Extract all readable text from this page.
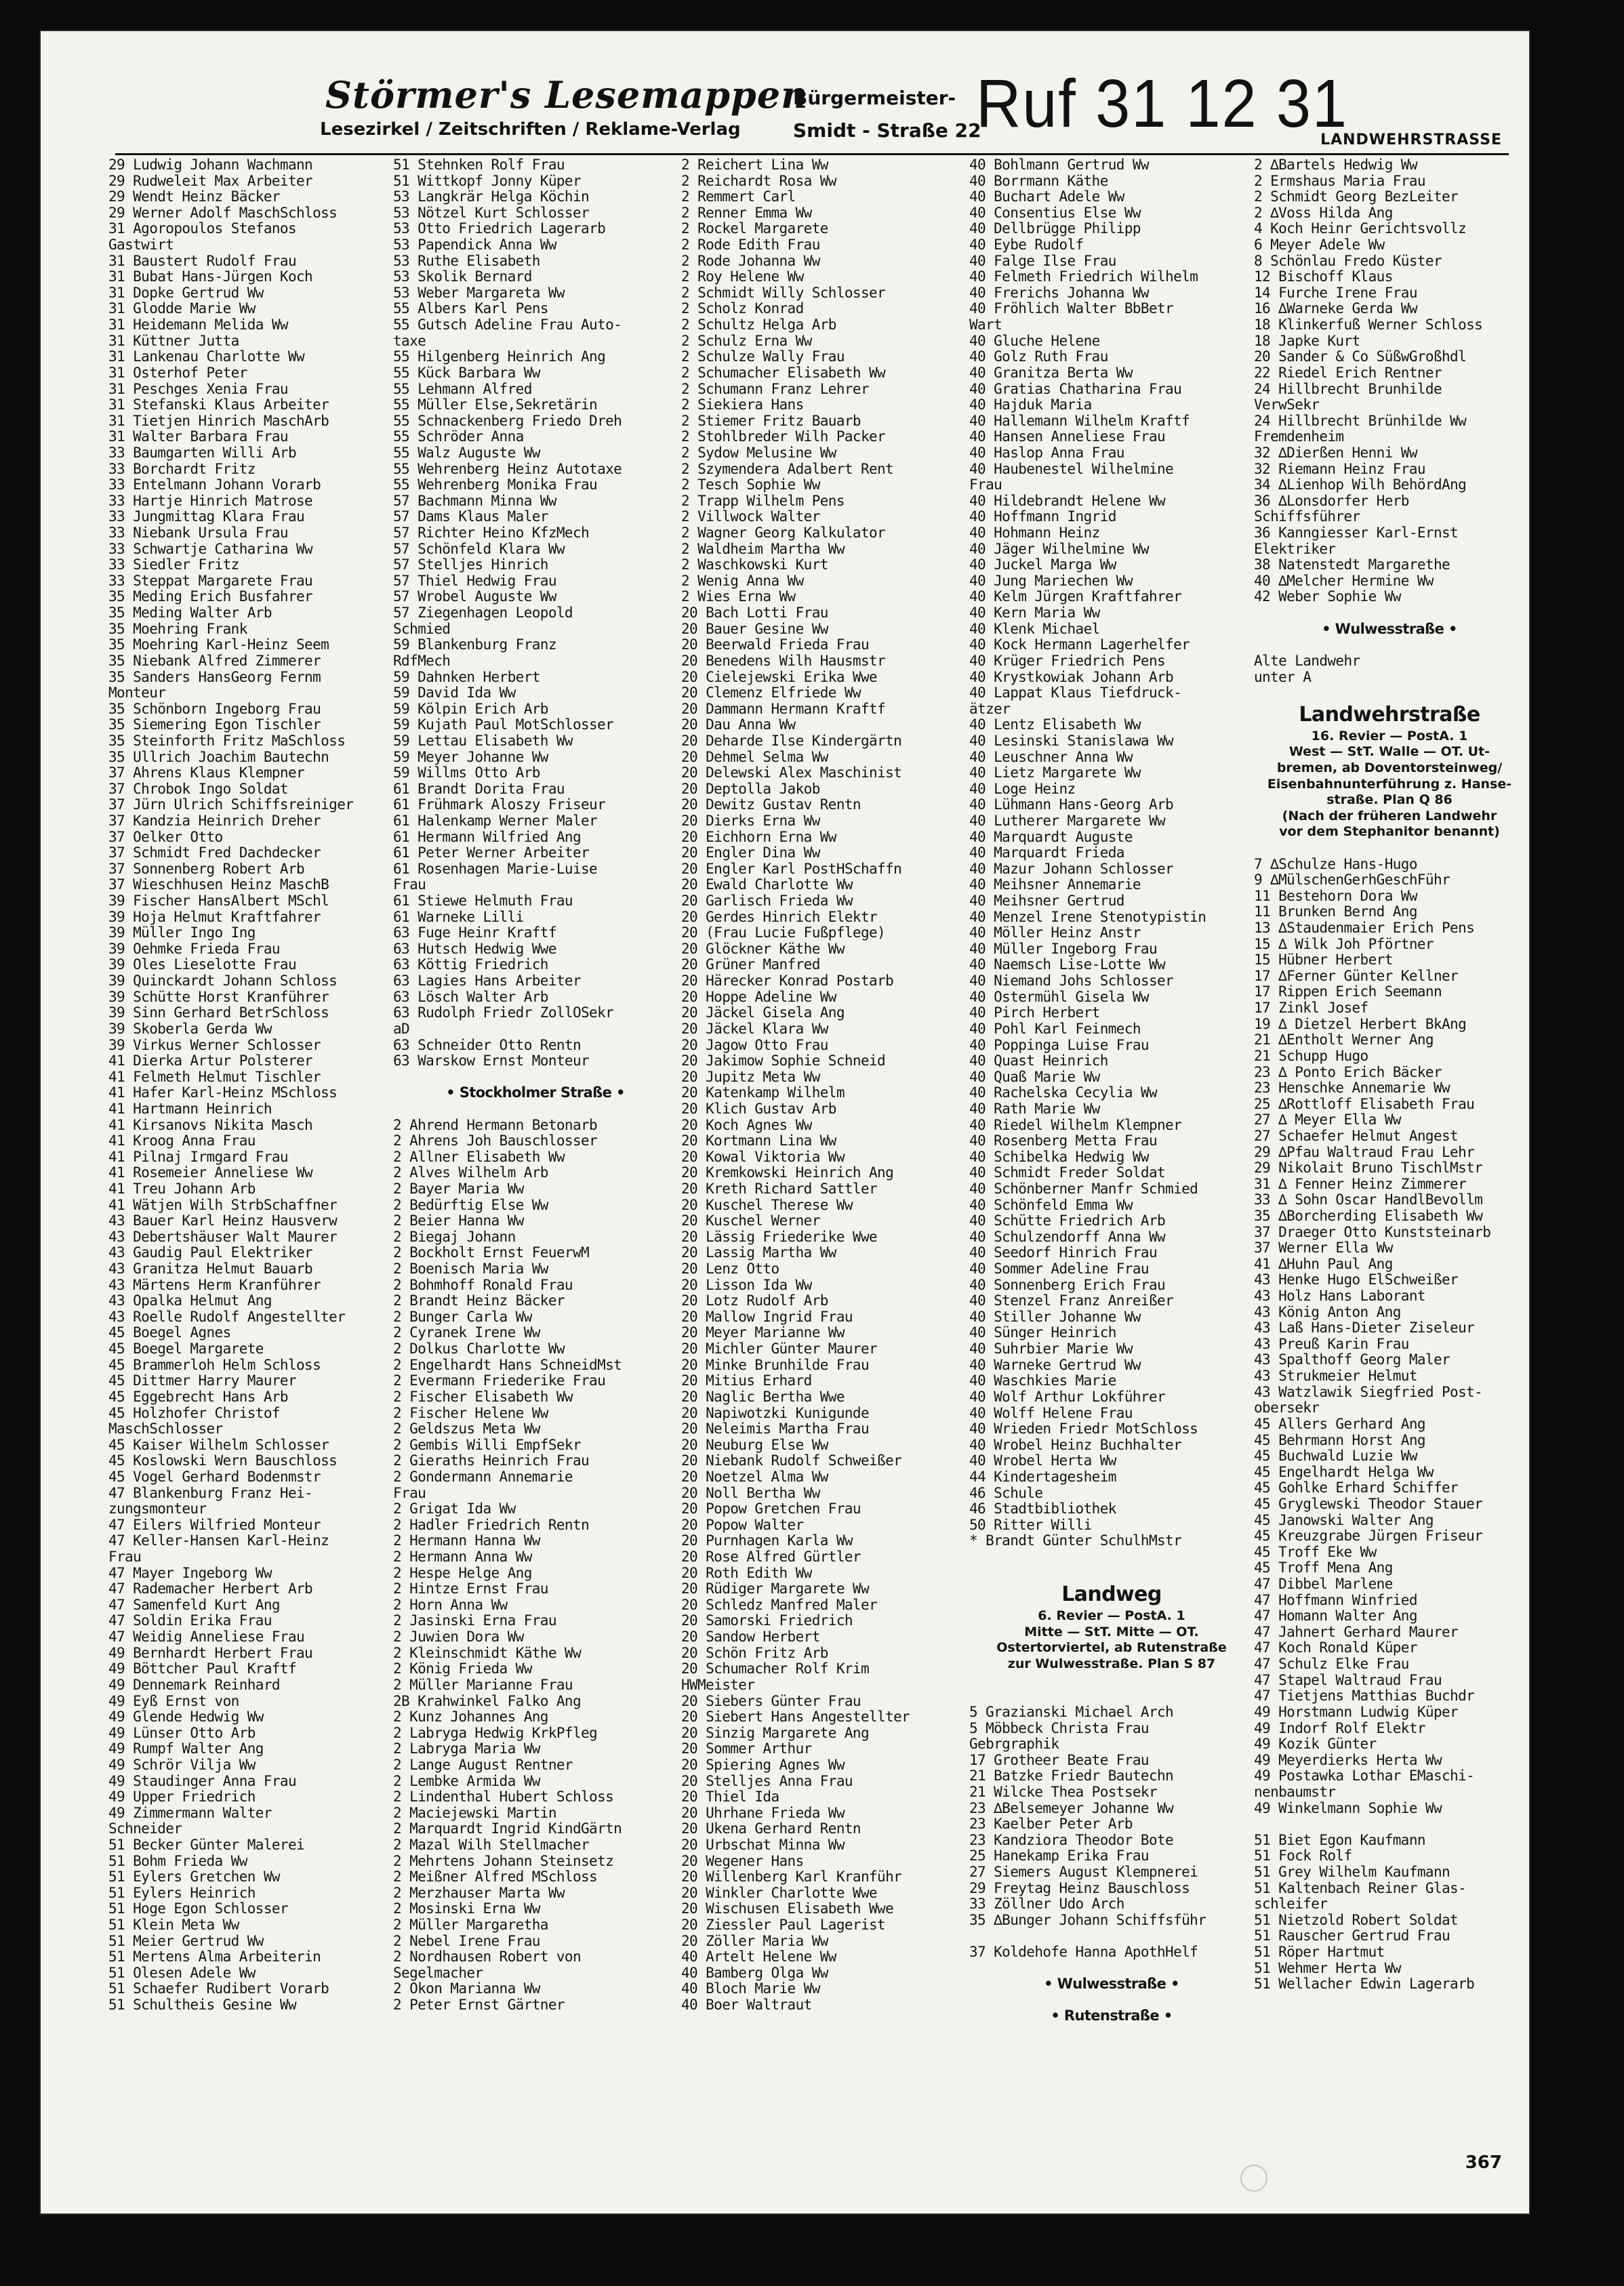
Störmer's Lesemappen
Lesezirkel / Zeitschriften / Reklame-Verlag
Bürgermeister-
Smidt - Straße 22
Ruf 31 12 31
LANDWEHRSTRASSE
29 Ludwig Johann Wachmann
29 Rudweleit Max Arbeiter
29 Wendt Heinz Bäcker
29 Werner Adolf MaschSchloss
31 Agoropoulos Stefanos
Gastwirt
31 Baustert Rudolf Frau
31 Bubat Hans-Jürgen Koch
31 Dopke Gertrud Ww
31 Glodde Marie Ww
31 Heidemann Melida Ww
31 Küttner Jutta
31 Lankenau Charlotte Ww
31 Osterhof Peter
31 Peschges Xenia Frau
31 Stefanski Klaus Arbeiter
31 Tietjen Hinrich MaschArb
31 Walter Barbara Frau
33 Baumgarten Willi Arb
33 Borchardt Fritz
33 Entelmann Johann Vorarb
33 Hartje Hinrich Matrose
33 Jungmittag Klara Frau
33 Niebank Ursula Frau
33 Schwartje Catharina Ww
33 Siedler Fritz
33 Steppat Margarete Frau
35 Meding Erich Busfahrer
35 Meding Walter Arb
35 Moehring Frank
35 Moehring Karl-Heinz Seem
35 Niebank Alfred Zimmerer
35 Sanders HansGeorg Fernm
Monteur
35 Schönborn Ingeborg Frau
35 Siemering Egon Tischler
35 Steinforth Fritz MaSchloss
35 Ullrich Joachim Bautechn
37 Ahrens Klaus Klempner
37 Chrobok Ingo Soldat
37 Jürn Ulrich Schiffsreiniger
37 Kandzia Heinrich Dreher
37 Oelker Otto
37 Schmidt Fred Dachdecker
37 Sonnenberg Robert Arb
37 Wieschhusen Heinz MaschB
39 Fischer HansAlbert MSchl
39 Hoja Helmut Kraftfahrer
39 Müller Ingo Ing
39 Oehmke Frieda Frau
39 Oles Lieselotte Frau
39 Quinckardt Johann Schloss
39 Schütte Horst Kranführer
39 Sinn Gerhard BetrSchloss
39 Skoberla Gerda Ww
39 Virkus Werner Schlosser
41 Dierka Artur Polsterer
41 Felmeth Helmut Tischler
41 Hafer Karl-Heinz MSchloss
41 Hartmann Heinrich
41 Kirsanovs Nikita Masch
41 Kroog Anna Frau
41 Pilnaj Irmgard Frau
41 Rosemeier Anneliese Ww
41 Treu Johann Arb
41 Wätjen Wilh StrbSchaffner
43 Bauer Karl Heinz Hausverw
43 Debertshäuser Walt Maurer
43 Gaudig Paul Elektriker
43 Granitza Helmut Bauarb
43 Märtens Herm Kranführer
43 Opalka Helmut Ang
43 Roelle Rudolf Angestellter
45 Boegel Agnes
45 Boegel Margarete
45 Brammerloh Helm Schloss
45 Dittmer Harry Maurer
45 Eggebrecht Hans Arb
45 Holzhofer Christof
MaschSchlosser
45 Kaiser Wilhelm Schlosser
45 Koslowski Wern Bauschloss
45 Vogel Gerhard Bodenmstr
47 Blankenburg Franz Hei-
zungsmonteur
47 Eilers Wilfried Monteur
47 Keller-Hansen Karl-Heinz
Frau
47 Mayer Ingeborg Ww
47 Rademacher Herbert Arb
47 Samenfeld Kurt Ang
47 Soldin Erika Frau
47 Weidig Anneliese Frau
49 Bernhardt Herbert Frau
49 Böttcher Paul Kraftf
49 Dennemark Reinhard
49 Eyß Ernst von
49 Glende Hedwig Ww
49 Lünser Otto Arb
49 Rumpf Walter Ang
49 Schrör Vilja Ww
49 Staudinger Anna Frau
49 Upper Friedrich
49 Zimmermann Walter
Schneider
51 Becker Günter Malerei
51 Bohm Frieda Ww
51 Eylers Gretchen Ww
51 Eylers Heinrich
51 Hoge Egon Schlosser
51 Klein Meta Ww
51 Meier Gertrud Ww
51 Mertens Alma Arbeiterin
51 Olesen Adele Ww
51 Schaefer Rudibert Vorarb
51 Schultheis Gesine Ww
51 Stehnken Rolf Frau
51 Wittkopf Jonny Küper
53 Langkrär Helga Köchin
53 Nötzel Kurt Schlosser
53 Otto Friedrich Lagerarb
53 Papendick Anna Ww
53 Ruthe Elisabeth
53 Skolik Bernard
53 Weber Margareta Ww
55 Albers Karl Pens
55 Gutsch Adeline Frau Auto-
taxe
55 Hilgenberg Heinrich Ang
55 Kück Barbara Ww
55 Lehmann Alfred
55 Müller Else,Sekretärin
55 Schnackenberg Friedo Dreh
55 Schröder Anna
55 Walz Auguste Ww
55 Wehrenberg Heinz Autotaxe
55 Wehrenberg Monika Frau
57 Bachmann Minna Ww
57 Dams Klaus Maler
57 Richter Heino KfzMech
57 Schönfeld Klara Ww
57 Stelljes Hinrich
57 Thiel Hedwig Frau
57 Wrobel Auguste Ww
57 Ziegenhagen Leopold
Schmied
59 Blankenburg Franz
RdfMech
59 Dahnken Herbert
59 David Ida Ww
59 Kölpin Erich Arb
59 Kujath Paul MotSchlosser
59 Lettau Elisabeth Ww
59 Meyer Johanne Ww
59 Willms Otto Arb
61 Brandt Dorita Frau
61 Frühmark Aloszy Friseur
61 Halenkamp Werner Maler
61 Hermann Wilfried Ang
61 Peter Werner Arbeiter
61 Rosenhagen Marie-Luise
Frau
61 Stiewe Helmuth Frau
61 Warneke Lilli
63 Fuge Heinr Kraftf
63 Hutsch Hedwig Wwe
63 Köttig Friedrich
63 Lagies Hans Arbeiter
63 Lösch Walter Arb
63 Rudolph Friedr ZollOSekr
aD
63 Schneider Otto Rentn
63 Warskow Ernst Monteur
• Stockholmer Straße •
2 Ahrend Hermann Betonarb
2 Ahrens Joh Bauschlosser
2 Allner Elisabeth Ww
2 Alves Wilhelm Arb
2 Bayer Maria Ww
2 Bedürftig Else Ww
2 Beier Hanna Ww
2 Biegaj Johann
2 Bockholt Ernst FeuerwM
2 Boenisch Maria Ww
2 Bohmhoff Ronald Frau
2 Brandt Heinz Bäcker
2 Bunger Carla Ww
2 Cyranek Irene Ww
2 Dolkus Charlotte Ww
2 Engelhardt Hans SchneidMst
2 Evermann Friederike Frau
2 Fischer Elisabeth Ww
2 Fischer Helene Ww
2 Geldszus Meta Ww
2 Gembis Willi EmpfSekr
2 Gieraths Heinrich Frau
2 Gondermann Annemarie
Frau
2 Grigat Ida Ww
2 Hadler Friedrich Rentn
2 Hermann Hanna Ww
2 Hermann Anna Ww
2 Hespe Helge Ang
2 Hintze Ernst Frau
2 Horn Anna Ww
2 Jasinski Erna Frau
2 Juwien Dora Ww
2 Kleinschmidt Käthe Ww
2 König Frieda Ww
2 Müller Marianne Frau
2B Krahwinkel Falko Ang
2 Kunz Johannes Ang
2 Labryga Hedwig KrkPfleg
2 Labryga Maria Ww
2 Lange August Rentner
2 Lembke Armida Ww
2 Lindenthal Hubert Schloss
2 Maciejewski Martin
2 Marquardt Ingrid KindGärtn
2 Mazal Wilh Stellmacher
2 Mehrtens Johann Steinsetz
2 Meißner Alfred MSchloss
2 Merzhauser Marta Ww
2 Mosinski Erna Ww
2 Müller Margaretha
2 Nebel Irene Frau
2 Nordhausen Robert von
Segelmacher
2 Okon Marianna Ww
2 Peter Ernst Gärtner
2 Reichert Lina Ww
2 Reichardt Rosa Ww
2 Remmert Carl
2 Renner Emma Ww
2 Rockel Margarete
2 Rode Edith Frau
2 Rode Johanna Ww
2 Roy Helene Ww
2 Schmidt Willy Schlosser
2 Scholz Konrad
2 Schultz Helga Arb
2 Schulz Erna Ww
2 Schulze Wally Frau
2 Schumacher Elisabeth Ww
2 Schumann Franz Lehrer
2 Siekiera Hans
2 Stiemer Fritz Bauarb
2 Stohlbreder Wilh Packer
2 Sydow Melusine Ww
2 Szymendera Adalbert Rent
2 Tesch Sophie Ww
2 Trapp Wilhelm Pens
2 Villwock Walter
2 Wagner Georg Kalkulator
2 Waldheim Martha Ww
2 Waschkowski Kurt
2 Wenig Anna Ww
2 Wies Erna Ww
20 Bach Lotti Frau
20 Bauer Gesine Ww
20 Beerwald Frieda Frau
20 Benedens Wilh Hausmstr
20 Cielejewski Erika Wwe
20 Clemenz Elfriede Ww
20 Dammann Hermann Kraftf
20 Dau Anna Ww
20 Deharde Ilse Kindergärtn
20 Dehmel Selma Ww
20 Delewski Alex Maschinist
20 Deptolla Jakob
20 Dewitz Gustav Rentn
20 Dierks Erna Ww
20 Eichhorn Erna Ww
20 Engler Dina Ww
20 Engler Karl PostHSchaffn
20 Ewald Charlotte Ww
20 Garlisch Frieda Ww
20 Gerdes Hinrich Elektr
20 (Frau Lucie Fußpflege)
20 Glöckner Käthe Ww
20 Grüner Manfred
20 Härecker Konrad Postarb
20 Hoppe Adeline Ww
20 Jäckel Gisela Ang
20 Jäckel Klara Ww
20 Jagow Otto Frau
20 Jakimow Sophie Schneid
20 Jupitz Meta Ww
20 Katenkamp Wilhelm
20 Klich Gustav Arb
20 Koch Agnes Ww
20 Kortmann Lina Ww
20 Kowal Viktoria Ww
20 Kremkowski Heinrich Ang
20 Kreth Richard Sattler
20 Kuschel Therese Ww
20 Kuschel Werner
20 Lässig Friederike Wwe
20 Lassig Martha Ww
20 Lenz Otto
20 Lisson Ida Ww
20 Lotz Rudolf Arb
20 Mallow Ingrid Frau
20 Meyer Marianne Ww
20 Michler Günter Maurer
20 Minke Brunhilde Frau
20 Mitius Erhard
20 Naglic Bertha Wwe
20 Napiwotzki Kunigunde
20 Neleimis Martha Frau
20 Neuburg Else Ww
20 Niebank Rudolf Schweißer
20 Noetzel Alma Ww
20 Noll Bertha Ww
20 Popow Gretchen Frau
20 Popow Walter
20 Purnhagen Karla Ww
20 Rose Alfred Gürtler
20 Roth Edith Ww
20 Rüdiger Margarete Ww
20 Schledz Manfred Maler
20 Samorski Friedrich
20 Sandow Herbert
20 Schön Fritz Arb
20 Schumacher Rolf Krim
HWMeister
20 Siebers Günter Frau
20 Siebert Hans Angestellter
20 Sinzig Margarete Ang
20 Sommer Arthur
20 Spiering Agnes Ww
20 Stelljes Anna Frau
20 Thiel Ida
20 Uhrhane Frieda Ww
20 Ukena Gerhard Rentn
20 Urbschat Minna Ww
20 Wegener Hans
20 Willenberg Karl Kranführ
20 Winkler Charlotte Wwe
20 Wischusen Elisabeth Wwe
20 Ziessler Paul Lagerist
20 Zöller Maria Ww
40 Artelt Helene Ww
40 Bamberg Olga Ww
40 Bloch Marie Ww
40 Boer Waltraut
40 Bohlmann Gertrud Ww
40 Borrmann Käthe
40 Buchart Adele Ww
40 Consentius Else Ww
40 Dellbrügge Philipp
40 Eybe Rudolf
40 Falge Ilse Frau
40 Felmeth Friedrich Wilhelm
40 Frerichs Johanna Ww
40 Fröhlich Walter BbBetr
Wart
40 Gluche Helene
40 Golz Ruth Frau
40 Granitza Berta Ww
40 Gratias Chatharina Frau
40 Hajduk Maria
40 Hallemann Wilhelm Kraftf
40 Hansen Anneliese Frau
40 Haslop Anna Frau
40 Haubenestel Wilhelmine
Frau
40 Hildebrandt Helene Ww
40 Hoffmann Ingrid
40 Hohmann Heinz
40 Jäger Wilhelmine Ww
40 Juckel Marga Ww
40 Jung Mariechen Ww
40 Kelm Jürgen Kraftfahrer
40 Kern Maria Ww
40 Klenk Michael
40 Kock Hermann Lagerhelfer
40 Krüger Friedrich Pens
40 Krystkowiak Johann Arb
40 Lappat Klaus Tiefdruck-
ätzer
40 Lentz Elisabeth Ww
40 Lesinski Stanislawa Ww
40 Leuschner Anna Ww
40 Lietz Margarete Ww
40 Loge Heinz
40 Lühmann Hans-Georg Arb
40 Lutherer Margarete Ww
40 Marquardt Auguste
40 Marquardt Frieda
40 Mazur Johann Schlosser
40 Meihsner Annemarie
40 Meihsner Gertrud
40 Menzel Irene Stenotypistin
40 Möller Heinz Anstr
40 Müller Ingeborg Frau
40 Naemsch Lise-Lotte Ww
40 Niemand Johs Schlosser
40 Ostermühl Gisela Ww
40 Pirch Herbert
40 Pohl Karl Feinmech
40 Poppinga Luise Frau
40 Quast Heinrich
40 Quaß Marie Ww
40 Rachelska Cecylia Ww
40 Rath Marie Ww
40 Riedel Wilhelm Klempner
40 Rosenberg Metta Frau
40 Schibelka Hedwig Ww
40 Schmidt Freder Soldat
40 Schönberner Manfr Schmied
40 Schönfeld Emma Ww
40 Schütte Friedrich Arb
40 Schulzendorff Anna Ww
40 Seedorf Hinrich Frau
40 Sommer Adeline Frau
40 Sonnenberg Erich Frau
40 Stenzel Franz Anreißer
40 Stiller Johanne Ww
40 Sünger Heinrich
40 Suhrbier Marie Ww
40 Warneke Gertrud Ww
40 Waschkies Marie
40 Wolf Arthur Lokführer
40 Wolff Helene Frau
40 Wrieden Friedr MotSchloss
40 Wrobel Heinz Buchhalter
40 Wrobel Herta Ww
44 Kindertagesheim
46 Schule
46 Stadtbibliothek
50 Ritter Willi
* Brandt Günter SchulhMstr
Landweg
6. Revier — PostA. 1
Mitte — StT. Mitte — OT.
Ostertorviertel, ab Rutenstraße
zur Wulwesstraße. Plan S 87
5 Grazianski Michael Arch
5 Möbbeck Christa Frau
Gebrgraphik
17 Grotheer Beate Frau
21 Batzke Friedr Bautechn
21 Wilcke Thea Postsekr
23 ∆Belsemeyer Johanne Ww
23 Kaelber Peter Arb
23 Kandziora Theodor Bote
25 Hanekamp Erika Frau
27 Siemers August Klempnerei
29 Freytag Heinz Bauschloss
33 Zöllner Udo Arch
35 ∆Bunger Johann Schiffsführ
37 Koldehofe Hanna ApothHelf
• Wulwesstraße •
• Rutenstraße •
2 ∆Bartels Hedwig Ww
2 Ermshaus Maria Frau
2 Schmidt Georg BezLeiter
2 ∆Voss Hilda Ang
4 Koch Heinr Gerichtsvollz
6 Meyer Adele Ww
8 Schönlau Fredo Küster
12 Bischoff Klaus
14 Furche Irene Frau
16 ∆Warneke Gerda Ww
18 Klinkerfuß Werner Schloss
18 Japke Kurt
20 Sander & Co SüßwGroßhdl
22 Riedel Erich Rentner
24 Hillbrecht Brunhilde
VerwSekr
24 Hillbrecht Brünhilde Ww
Fremdenheim
32 ∆Dierßen Henni Ww
32 Riemann Heinz Frau
34 ∆Lienhop Wilh BehördAng
36 ∆Lonsdorfer Herb
Schiffsführer
36 Kanngiesser Karl-Ernst
Elektriker
38 Natenstedt Margarethe
40 ∆Melcher Hermine Ww
42 Weber Sophie Ww
• Wulwesstraße •
Alte Landwehr
unter A
Landwehrstraße
16. Revier — PostA. 1
West — StT. Walle — OT. Ut-
bremen, ab Doventorsteinweg/
Eisenbahnunterführung z. Hanse-
straße. Plan Q 86
(Nach der früheren Landwehr
vor dem Stephanitor benannt)
7 ∆Schulze Hans-Hugo
9 ∆MülschenGerhGeschFühr
11 Bestehorn Dora Ww
11 Brunken Bernd Ang
13 ∆Staudenmaier Erich Pens
15 ∆ Wilk Joh Pförtner
15 Hübner Herbert
17 ∆Ferner Günter Kellner
17 Rippen Erich Seemann
17 Zinkl Josef
19 ∆ Dietzel Herbert BkAng
21 ∆Entholt Werner Ang
21 Schupp Hugo
23 ∆ Ponto Erich Bäcker
23 Henschke Annemarie Ww
25 ∆Rottloff Elisabeth Frau
27 ∆ Meyer Ella Ww
27 Schaefer Helmut Angest
29 ∆Pfau Waltraud Frau Lehr
29 Nikolait Bruno TischlMstr
31 ∆ Fenner Heinz Zimmerer
33 ∆ Sohn Oscar HandlBevollm
35 ∆Borcherding Elisabeth Ww
37 Draeger Otto Kunststeinarb
37 Werner Ella Ww
41 ∆Huhn Paul Ang
43 Henke Hugo ElSchweißer
43 Holz Hans Laborant
43 König Anton Ang
43 Laß Hans-Dieter Ziseleur
43 Preuß Karin Frau
43 Spalthoff Georg Maler
43 Strukmeier Helmut
43 Watzlawik Siegfried Post-
obersekr
45 Allers Gerhard Ang
45 Behrmann Horst Ang
45 Buchwald Luzie Ww
45 Engelhardt Helga Ww
45 Gohlke Erhard Schiffer
45 Gryglewski Theodor Stauer
45 Janowski Walter Ang
45 Kreuzgrabe Jürgen Friseur
45 Troff Eke Ww
45 Troff Mena Ang
47 Dibbel Marlene
47 Hoffmann Winfried
47 Homann Walter Ang
47 Jahnert Gerhard Maurer
47 Koch Ronald Küper
47 Schulz Elke Frau
47 Stapel Waltraud Frau
47 Tietjens Matthias Buchdr
49 Horstmann Ludwig Küper
49 Indorf Rolf Elektr
49 Kozik Günter
49 Meyerdierks Herta Ww
49 Postawka Lothar EMaschi-
nenbaumstr
49 Winkelmann Sophie Ww
51 Biet Egon Kaufmann
51 Fock Rolf
51 Grey Wilhelm Kaufmann
51 Kaltenbach Reiner Glas-
schleifer
51 Nietzold Robert Soldat
51 Rauscher Gertrud Frau
51 Röper Hartmut
51 Wehmer Herta Ww
51 Wellacher Edwin Lagerarb
367
